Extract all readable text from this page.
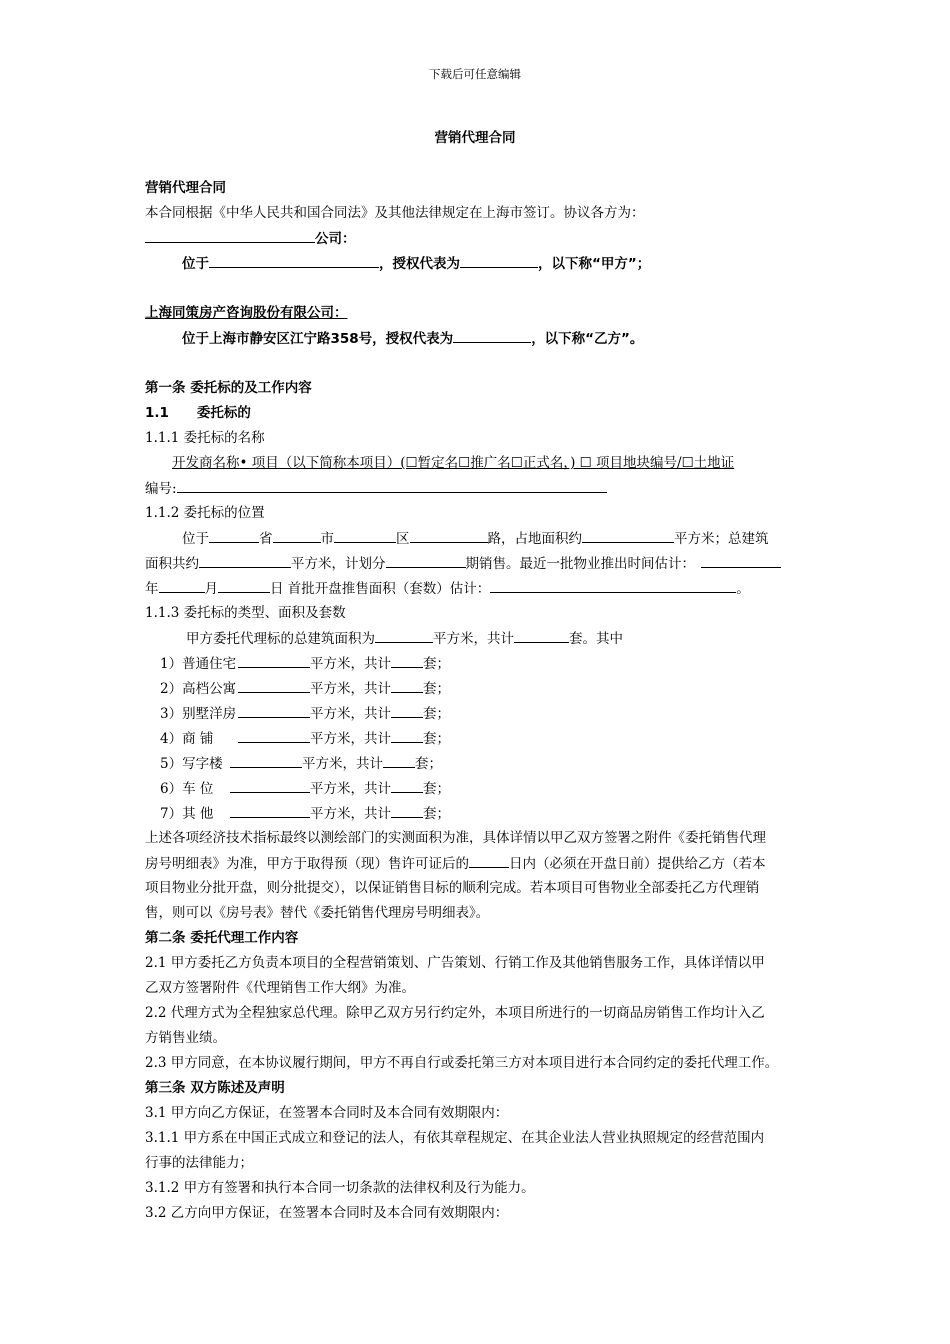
下载后可任意编辑
营销代理合同
营销代理合同
本合同根据《中华人民共和国合同法》及其他法律规定在上海市签订。协议各方为：
公司：
位于	，授权代表为	，以下称“甲方”；
上海同策房产咨询股份有限公司：
位于上海市静安区江宁路358号，授权代表为	，以下称“乙方”。
第一条 委托标的及工作内容
1.1 委托标的
1.1.1 委托标的名称
开发商名称• 项目（以下简称本项目）(☐暂定名☐推广名☐正式名，) ☐ 项目地块编号/☐土地证
编号:
1.1.2 委托标的位置
位于	省	市	区	路，占地面积约	平方米；总建筑
面积共约	平方米，计划分	期销售。最近一批物业推出时间估计：
年	月	日 首批开盘推售面积（套数）估计：	。
1.1.3 委托标的类型、面积及套数
甲方委托代理标的总建筑面积为	平方米，共计	套。其中
1）普通住宅	平方米，共计 套；
2）高档公寓	平方米，共计 套；
3）别墅洋房	平方米，共计 套；
4）商 铺	平方米，共计 套；
5）写字楼	平方米，共计 套；
6）车 位	平方米，共计 套；
7）其 他	平方米，共计 套；
上述各项经济技术指标最终以测绘部门的实测面积为准，具体详情以甲乙双方签署之附件《委托销售代理
房号明细表》为准，甲方于取得预（现）售许可证后的	日内（必须在开盘日前）提供给乙方（若本
项目物业分批开盘，则分批提交），以保证销售目标的顺利完成。若本项目可售物业全部委托乙方代理销
售，则可以《房号表》替代《委托销售代理房号明细表》。
第二条 委托代理工作内容
2.1 甲方委托乙方负责本项目的全程营销策划、广告策划、行销工作及其他销售服务工作，具体详情以甲
乙双方签署附件《代理销售工作大纲》为准。
2.2 代理方式为全程独家总代理。除甲乙双方另行约定外，本项目所进行的一切商品房销售工作均计入乙
方销售业绩。
2.3 甲方同意，在本协议履行期间，甲方不再自行或委托第三方对本项目进行本合同约定的委托代理工作。
第三条 双方陈述及声明
3.1 甲方向乙方保证，在签署本合同时及本合同有效期限内：
3.1.1 甲方系在中国正式成立和登记的法人，有依其章程规定、在其企业法人营业执照规定的经营范围内
行事的法律能力；
3.1.2 甲方有签署和执行本合同一切条款的法律权利及行为能力。
3.2 乙方向甲方保证，在签署本合同时及本合同有效期限内：
